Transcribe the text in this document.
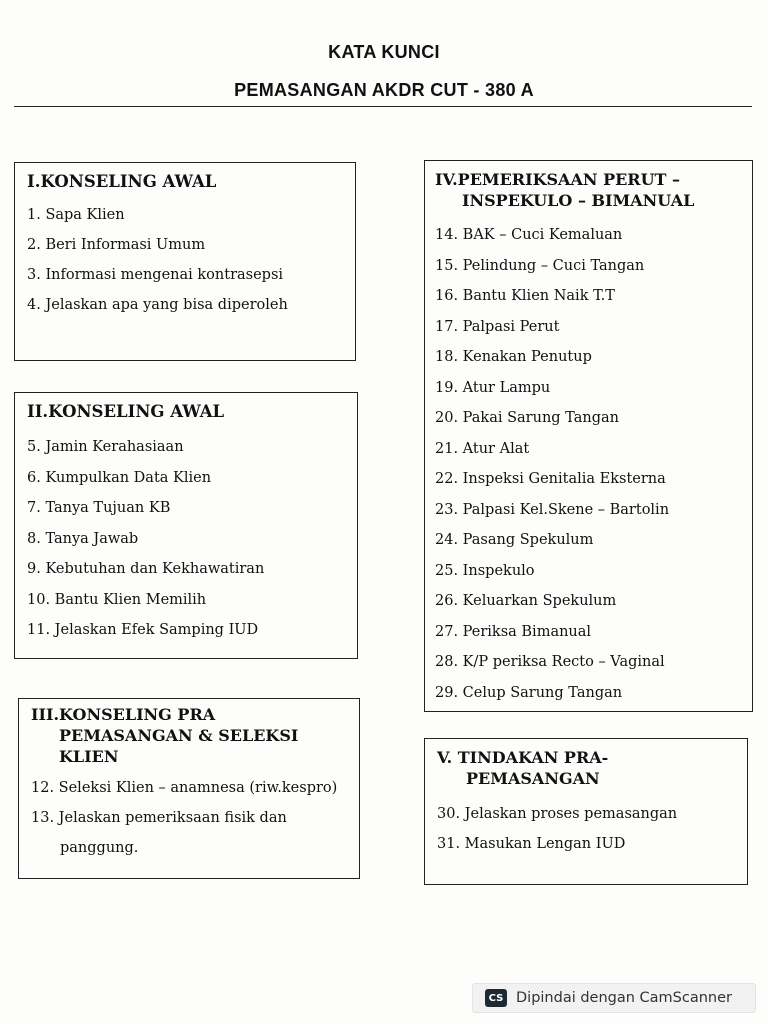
KATA KUNCI
PEMASANGAN AKDR CUT - 380 A
I.KONSELING AWAL
1. Sapa Klien
2. Beri Informasi Umum
3. Informasi mengenai kontrasepsi
4. Jelaskan apa yang bisa diperoleh
II.KONSELING AWAL
5. Jamin Kerahasiaan
6. Kumpulkan Data Klien
7. Tanya Tujuan KB
8. Tanya Jawab
9. Kebutuhan dan Kekhawatiran
10. Bantu Klien Memilih
11. Jelaskan Efek Samping IUD
III.KONSELING PRA
PEMASANGAN & SELEKSI
KLIEN
12. Seleksi Klien – anamnesa (riw.kespro)
13. Jelaskan pemeriksaan fisik dan
panggung.
IV.PEMERIKSAAN PERUT –
INSPEKULO – BIMANUAL
14. BAK – Cuci Kemaluan
15. Pelindung – Cuci Tangan
16. Bantu Klien Naik T.T
17. Palpasi Perut
18. Kenakan Penutup
19. Atur Lampu
20. Pakai Sarung Tangan
21. Atur Alat
22. Inspeksi Genitalia Eksterna
23. Palpasi Kel.Skene – Bartolin
24. Pasang Spekulum
25. Inspekulo
26. Keluarkan Spekulum
27. Periksa Bimanual
28. K/P periksa Recto – Vaginal
29. Celup Sarung Tangan
V. TINDAKAN PRA-
PEMASANGAN
30. Jelaskan proses pemasangan
31. Masukan Lengan IUD
CS Dipindai dengan CamScanner
